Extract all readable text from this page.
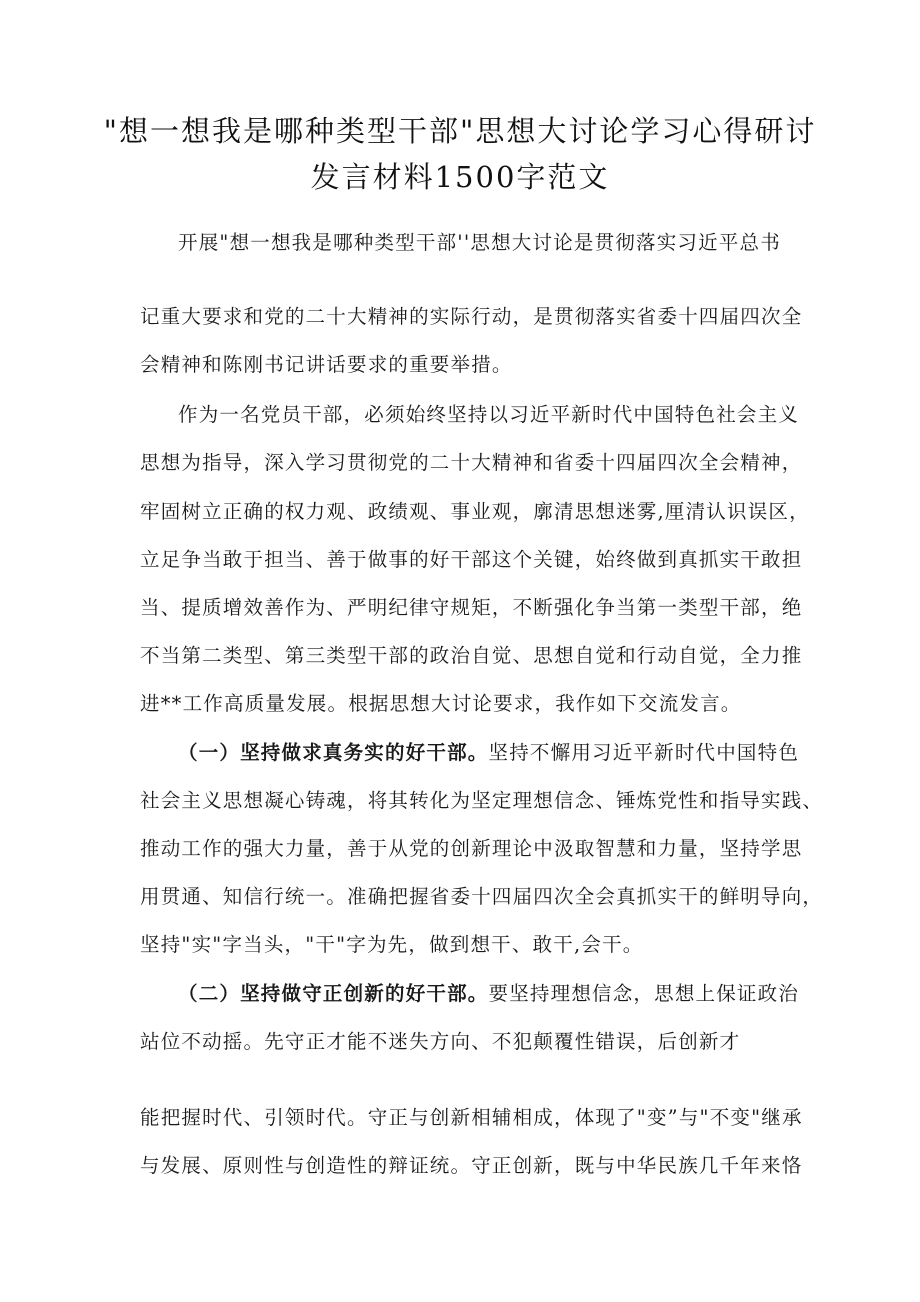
"想一想我是哪种类型干部"思想大讨论学习心得研讨
发言材料1500字范文
开展"想一想我是哪种类型干部''思想大讨论是贯彻落实习近平总书
记重大要求和党的二十大精神的实际行动，是贯彻落实省委十四届四次全
会精神和陈刚书记讲话要求的重要举措。
作为一名党员干部，必须始终坚持以习近平新时代中国特色社会主义
思想为指导，深入学习贯彻党的二十大精神和省委十四届四次全会精神，
牢固树立正确的权力观、政绩观、事业观，廓清思想迷雾,厘清认识误区，
立足争当敢于担当、善于做事的好干部这个关键，始终做到真抓实干敢担
当、提质增效善作为、严明纪律守规矩，不断强化争当第一类型干部，绝
不当第二类型、第三类型干部的政治自觉、思想自觉和行动自觉，全力推
进**工作高质量发展。根据思想大讨论要求，我作如下交流发言。
（一）坚持做求真务实的好干部。坚持不懈用习近平新时代中国特色
社会主义思想凝心铸魂，将其转化为坚定理想信念、锤炼党性和指导实践、
推动工作的强大力量，善于从党的创新理论中汲取智慧和力量，坚持学思
用贯通、知信行统一。准确把握省委十四届四次全会真抓实干的鲜明导向，
坚持"实"字当头，"干"字为先，做到想干、敢干,会干。
（二）坚持做守正创新的好干部。要坚持理想信念，思想上保证政治
站位不动摇。先守正才能不迷失方向、不犯颠覆性错误，后创新才
能把握时代、引领时代。守正与创新相辅相成，体现了"变”与"不变"继承
与发展、原则性与创造性的辩证统。守正创新，既与中华民族几千年来恪
